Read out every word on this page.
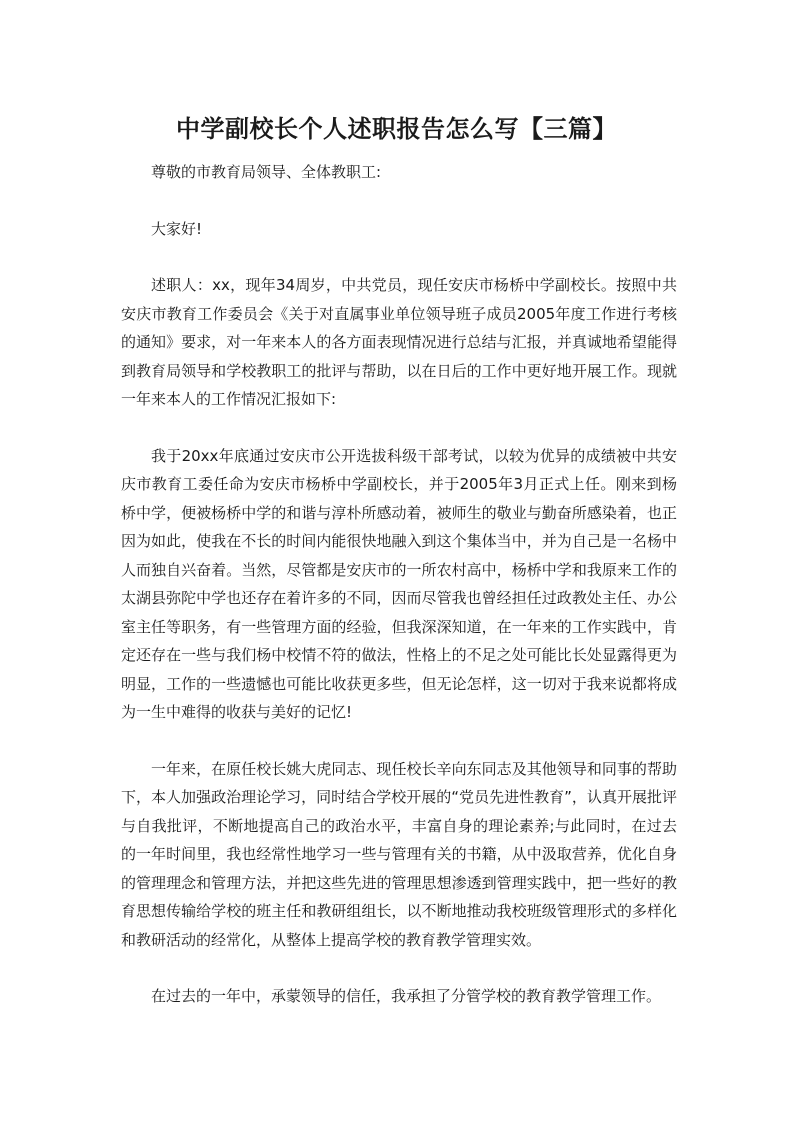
中学副校长个人述职报告怎么写【三篇】

尊敬的市教育局领导、全体教职工:

大家好!

述职人：xx，现年34周岁，中共党员，现任安庆市杨桥中学副校长。按照中共安庆市教育工作委员会《关于对直属事业单位领导班子成员2005年度工作进行考核的通知》要求，对一年来本人的各方面表现情况进行总结与汇报，并真诚地希望能得到教育局领导和学校教职工的批评与帮助，以在日后的工作中更好地开展工作。现就一年来本人的工作情况汇报如下:

我于20xx年底通过安庆市公开选拔科级干部考试，以较为优异的成绩被中共安庆市教育工委任命为安庆市杨桥中学副校长，并于2005年3月正式上任。刚来到杨桥中学，便被杨桥中学的和谐与淳朴所感动着，被师生的敬业与勤奋所感染着，也正因为如此，使我在不长的时间内能很快地融入到这个集体当中，并为自己是一名杨中人而独自兴奋着。当然，尽管都是安庆市的一所农村高中，杨桥中学和我原来工作的太湖县弥陀中学也还存在着许多的不同，因而尽管我也曾经担任过政教处主任、办公室主任等职务，有一些管理方面的经验，但我深深知道，在一年来的工作实践中，肯定还存在一些与我们杨中校情不符的做法，性格上的不足之处可能比长处显露得更为明显，工作的一些遗憾也可能比收获更多些，但无论怎样，这一切对于我来说都将成为一生中难得的收获与美好的记忆!

一年来，在原任校长姚大虎同志、现任校长辛向东同志及其他领导和同事的帮助下，本人加强政治理论学习，同时结合学校开展的“党员先进性教育”，认真开展批评与自我批评，不断地提高自己的政治水平，丰富自身的理论素养;与此同时，在过去的一年时间里，我也经常性地学习一些与管理有关的书籍，从中汲取营养，优化自身的管理理念和管理方法，并把这些先进的管理思想渗透到管理实践中，把一些好的教育思想传输给学校的班主任和教研组组长，以不断地推动我校班级管理形式的多样化和教研活动的经常化，从整体上提高学校的教育教学管理实效。

在过去的一年中，承蒙领导的信任，我承担了分管学校的教育教学管理工作。
